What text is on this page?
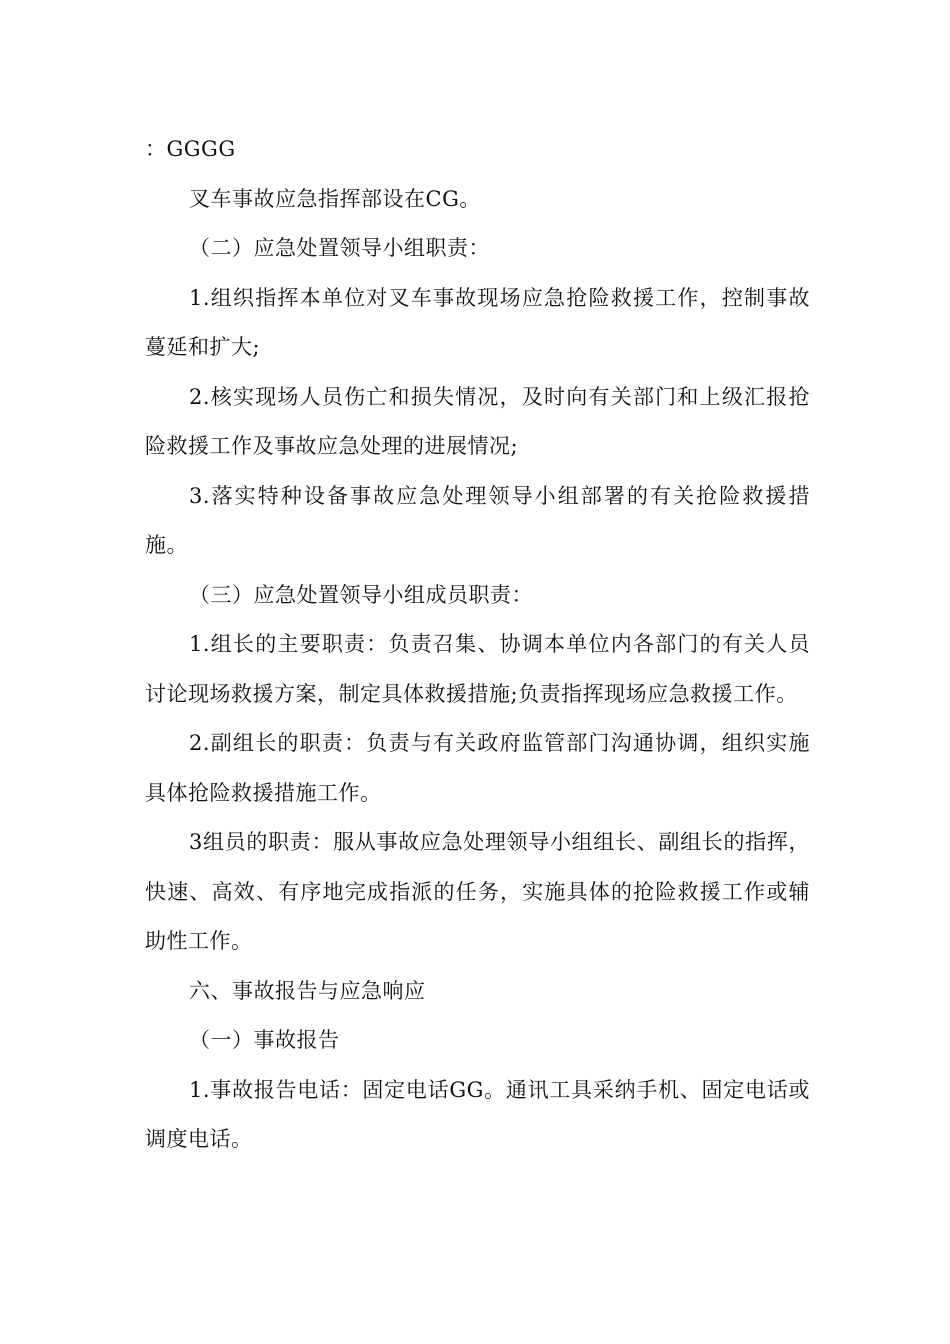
：GGGG

叉车事故应急指挥部设在CG。

（二）应急处置领导小组职责：

1.组织指挥本单位对叉车事故现场应急抢险救援工作，控制事故蔓延和扩大;

2.核实现场人员伤亡和损失情况，及时向有关部门和上级汇报抢险救援工作及事故应急处理的进展情况;

3.落实特种设备事故应急处理领导小组部署的有关抢险救援措施。

（三）应急处置领导小组成员职责：

1.组长的主要职责：负责召集、协调本单位内各部门的有关人员讨论现场救援方案，制定具体救援措施;负责指挥现场应急救援工作。

2.副组长的职责：负责与有关政府监管部门沟通协调，组织实施具体抢险救援措施工作。

3组员的职责：服从事故应急处理领导小组组长、副组长的指挥，快速、高效、有序地完成指派的任务，实施具体的抢险救援工作或辅助性工作。

六、事故报告与应急响应

（一）事故报告

1.事故报告电话：固定电话GG。通讯工具采纳手机、固定电话或调度电话。
